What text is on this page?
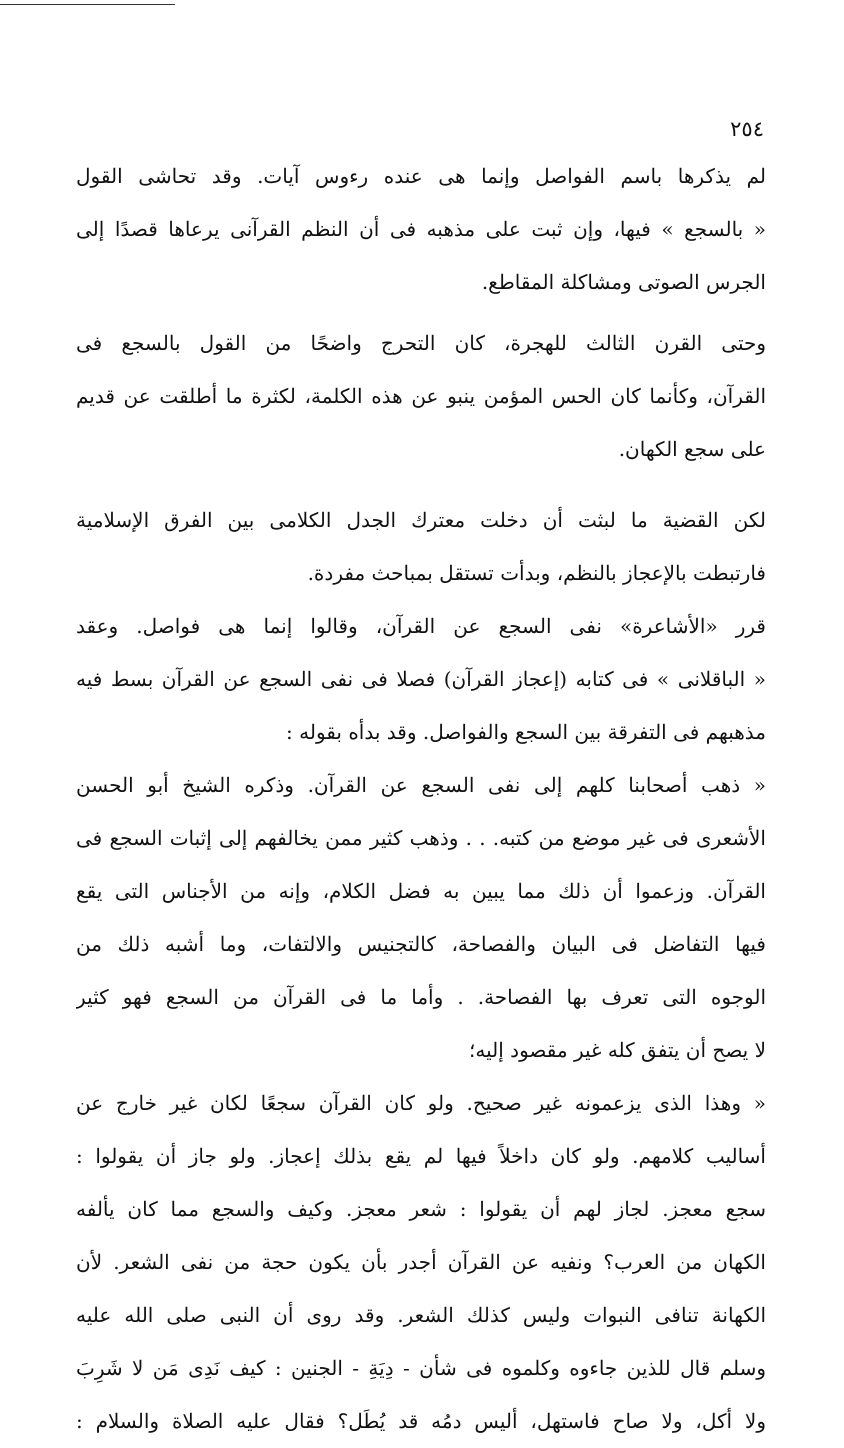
٢٥٤
لم يذكرها باسم الفواصل وإنما هى عنده رءوس آيات. وقد تحاشى القول
« بالسجع » فيها، وإن ثبت على مذهبه فى أن النظم القرآنى يرعاها قصدًا إلى
الجرس الصوتى ومشاكلة المقاطع.
وحتى القرن الثالث للهجرة، كان التحرج واضحًا من القول بالسجع فى
القرآن، وكأنما كان الحس المؤمن ينبو عن هذه الكلمة، لكثرة ما أطلقت عن قديم
على سجع الكهان.
لكن القضية ما لبثت أن دخلت معترك الجدل الكلامى بين الفرق الإسلامية
فارتبطت بالإعجاز بالنظم، وبدأت تستقل بمباحث مفردة.
قرر «الأشاعرة» نفى السجع عن القرآن، وقالوا إنما هى فواصل. وعقد
« الباقلانى » فى كتابه (إعجاز القرآن) فصلا فى نفى السجع عن القرآن بسط فيه
مذهبهم فى التفرقة بين السجع والفواصل. وقد بدأه بقوله :
« ذهب أصحابنا كلهم إلى نفى السجع عن القرآن. وذكره الشيخ أبو الحسن
الأشعرى فى غير موضع من كتبه. . . وذهب كثير ممن يخالفهم إلى إثبات السجع فى
القرآن. وزعموا أن ذلك مما يبين به فضل الكلام، وإنه من الأجناس التى يقع
فيها التفاضل فى البيان والفصاحة، كالتجنيس والالتفات، وما أشبه ذلك من
الوجوه التى تعرف بها الفصاحة. . وأما ما فى القرآن من السجع فهو كثير
لا يصح أن يتفق كله غير مقصود إليه؛
« وهذا الذى يزعمونه غير صحيح. ولو كان القرآن سجعًا لكان غير خارج عن
أساليب كلامهم. ولو كان داخلاً فيها لم يقع بذلك إعجاز. ولو جاز أن يقولوا :
سجع معجز. لجاز لهم أن يقولوا : شعر معجز. وكيف والسجع مما كان يألفه
الكهان من العرب؟ ونفيه عن القرآن أجدر بأن يكون حجة من نفى الشعر. لأن
الكهانة تنافى النبوات وليس كذلك الشعر. وقد روى أن النبى صلى الله عليه
وسلم قال للذين جاءوه وكلموه فى شأن - دِيَةِ - الجنين : كيف نَدِى مَن لا شَرِبَ
ولا أكل، ولا صاح فاستهل، أليس دمُه قد يُطَل؟ فقال عليه الصلاة والسلام :
